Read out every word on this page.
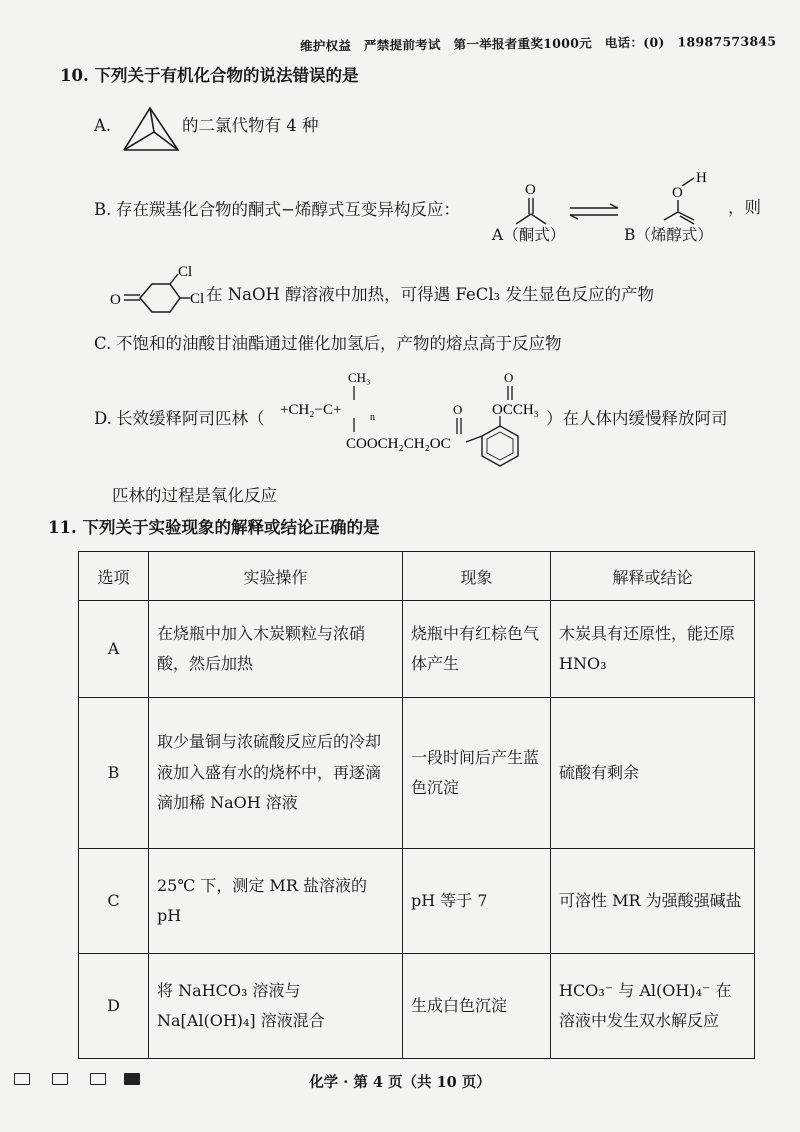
维护权益　严禁提前考试　第一举报者重奖1000元　电话：(0)　18987573845
10. 下列关于有机化合物的说法错误的是
A.	的二氯代物有 4 种
B. 存在羰基化合物的酮式−烯醇式互变异构反应：
O
A（酮式）
H
O
B（烯醇式）
，则
O
Cl
Cl 在 NaOH 醇溶液中加热，可得遇 FeCl₃ 发生显色反应的产物
C. 不饱和的油酸甘油酯通过催化加氢后，产物的熔点高于反应物
D. 长效缓释阿司匹林（
CH₃
+CH₂−C+	n
COOCH₂CH₂OC
O OCCH₃
O
）在人体内缓慢释放阿司
匹林的过程是氧化反应
11. 下列关于实验现象的解释或结论正确的是
选项	实验操作	现象	解释或结论
A	在烧瓶中加入木炭颗粒与浓硝酸，然后加热	烧瓶中有红棕色气体产生	木炭具有还原性，能还原 HNO₃
B	取少量铜与浓硫酸反应后的冷却液加入盛有水的烧杯中，再逐滴滴加稀 NaOH 溶液	一段时间后产生蓝色沉淀	硫酸有剩余
C	25℃ 下，测定 MR 盐溶液的 pH	pH 等于 7	可溶性 MR 为强酸强碱盐
D	将 NaHCO₃ 溶液与 Na[Al(OH)₄] 溶液混合	生成白色沉淀	HCO₃⁻ 与 Al(OH)₄⁻ 在溶液中发生双水解反应
化学 · 第 4 页（共 10 页）
